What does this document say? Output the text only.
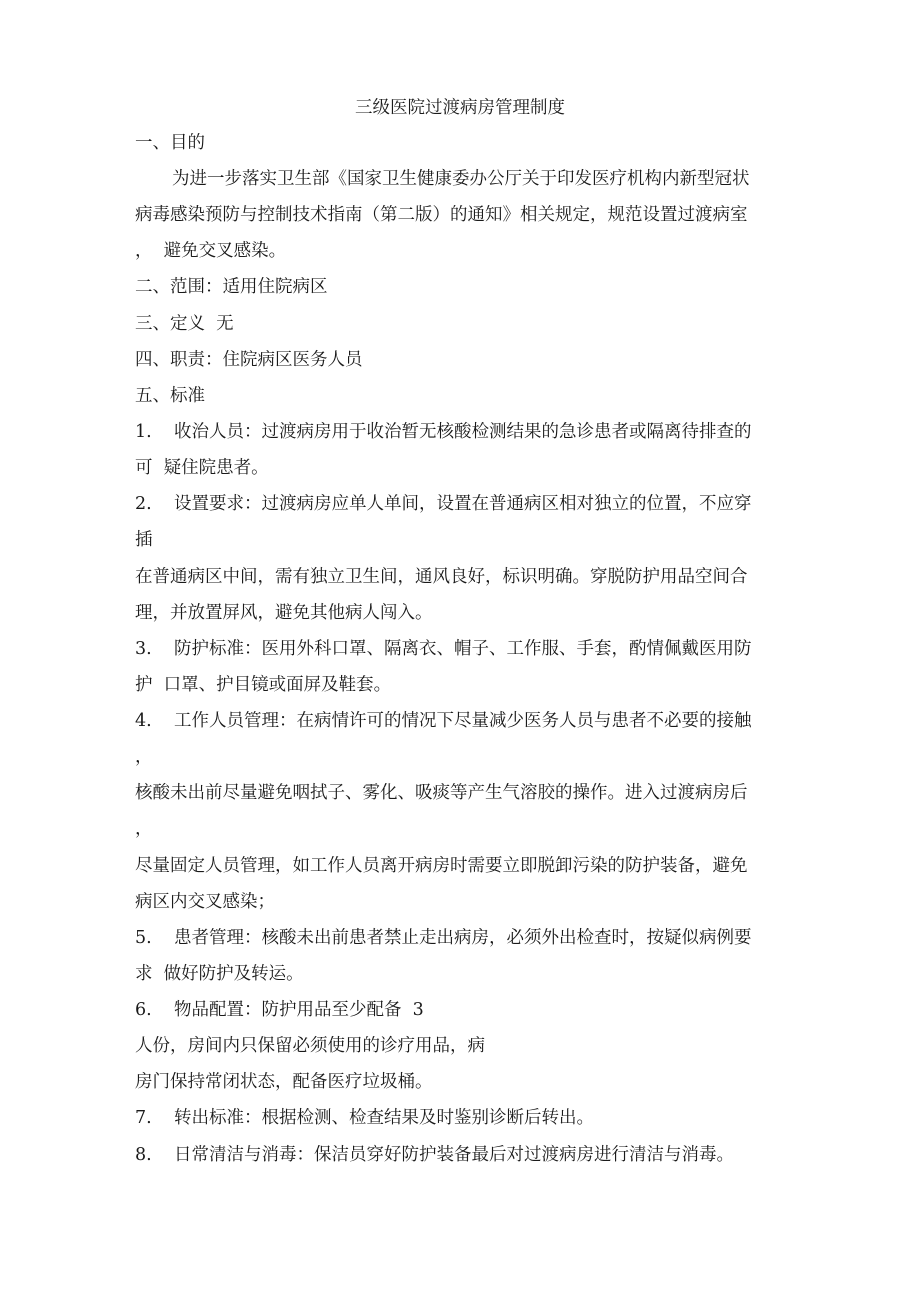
三级医院过渡病房管理制度
一、目的
为进一步落实卫生部《国家卫生健康委办公厅关于印发医疗机构内新型冠状
病毒感染预防与控制技术指南（第二版）的通知》相关规定，规范设置过渡病室
，  避免交叉感染。
二、范围：适用住院病区
三、定义  无
四、职责：住院病区医务人员
五、标准
1.    收治人员：过渡病房用于收治暂无核酸检测结果的急诊患者或隔离待排查的
可  疑住院患者。
2.    设置要求：过渡病房应单人单间，设置在普通病区相对独立的位置，不应穿
插
在普通病区中间，需有独立卫生间，通风良好，标识明确。穿脱防护用品空间合
理，并放置屏风，避免其他病人闯入。
3.    防护标准：医用外科口罩、隔离衣、帽子、工作服、手套，酌情佩戴医用防
护  口罩、护目镜或面屏及鞋套。
4.    工作人员管理：在病情许可的情况下尽量减少医务人员与患者不必要的接触
，
核酸未出前尽量避免咽拭子、雾化、吸痰等产生气溶胶的操作。进入过渡病房后
，
尽量固定人员管理，如工作人员离开病房时需要立即脱卸污染的防护装备，避免
病区内交叉感染；
5.    患者管理：核酸未出前患者禁止走出病房，必须外出检查时，按疑似病例要
求  做好防护及转运。
6.    物品配置：防护用品至少配备  3
人份，房间内只保留必须使用的诊疗用品，病
房门保持常闭状态，配备医疗垃圾桶。
7.    转出标准：根据检测、检查结果及时鉴别诊断后转出。
8.    日常清洁与消毒：保洁员穿好防护装备最后对过渡病房进行清洁与消毒。
